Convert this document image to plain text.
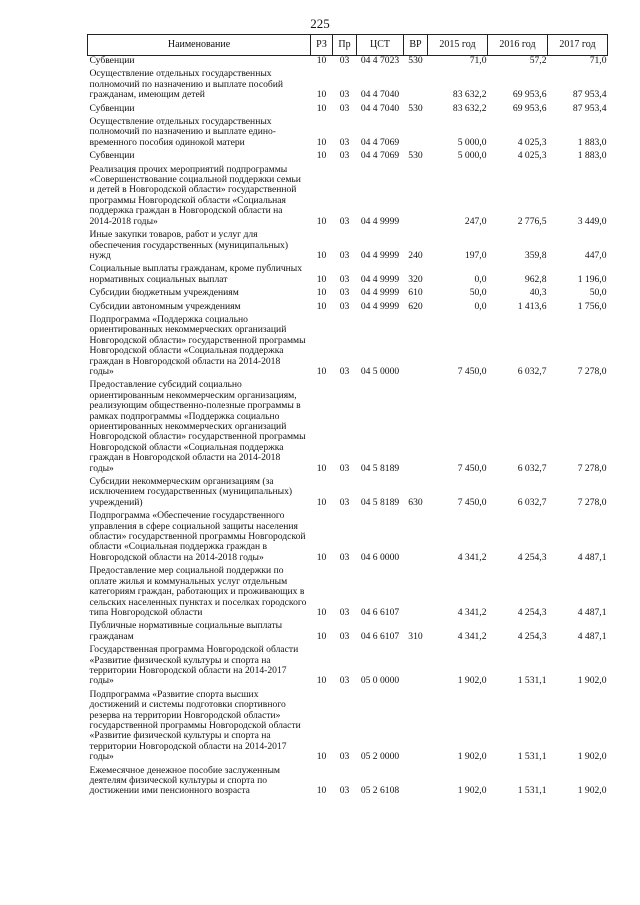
225
Наименование	РЗ	Пр	ЦСТ	ВР	2015 год	2016 год	2017 год
Субвенции	10	03	04 4 7023	530	71,0	57,2	71,0

Осуществление отдельных государственных полномочий по назначению и выплате пособий гражданам, имеющим детей	10	03	04 4 7040		83 632,2	69 953,6	87 953,4

Субвенции	10	03	04 4 7040	530	83 632,2	69 953,6	87 953,4

Осуществление отдельных государственных полномочий по назначению и выплате едино-временного пособия одинокой матери	10	03	04 4 7069		5 000,0	4 025,3	1 883,0

Субвенции	10	03	04 4 7069	530	5 000,0	4 025,3	1 883,0

Реализация прочих мероприятий подпрограммы «Совершенствование социальной поддержки семьи и детей в Новгородской области» государственной программы Новгородской области «Социальная поддержка граждан в Новгородской области на 2014-2018 годы»	10	03	04 4 9999		247,0	2 776,5	3 449,0

Иные закупки товаров, работ и услуг для обеспечения государственных (муниципальных) нужд	10	03	04 4 9999	240	197,0	359,8	447,0

Социальные выплаты гражданам, кроме публичных нормативных социальных выплат	10	03	04 4 9999	320	0,0	962,8	1 196,0

Субсидии бюджетным учреждениям	10	03	04 4 9999	610	50,0	40,3	50,0

Субсидии автономным учреждениям	10	03	04 4 9999	620	0,0	1 413,6	1 756,0

Подпрограмма «Поддержка социально ориентированных некоммерческих организаций Новгородской области» государственной программы Новгородской области «Социальная поддержка граждан в Новгородской области на 2014-2018 годы»	10	03	04 5 0000		7 450,0	6 032,7	7 278,0

Предоставление субсидий социально ориентированным некоммерческим организациям, реализующим общественно-полезные программы в рамках подпрограммы «Поддержка социально ориентированных некоммерческих организаций Новгородской области» государственной программы Новгородской области «Социальная поддержка граждан в Новгородской области на 2014-2018 годы»	10	03	04 5 8189		7 450,0	6 032,7	7 278,0

Субсидии некоммерческим организациям (за исключением государственных (муниципальных) учреждений)	10	03	04 5 8189	630	7 450,0	6 032,7	7 278,0

Подпрограмма «Обеспечение государственного управления в сфере социальной защиты населения области» государственной программы Новгородской области «Социальная поддержка граждан в Новгородской области на 2014-2018 годы»	10	03	04 6 0000		4 341,2	4 254,3	4 487,1

Предоставление мер социальной поддержки по оплате жилья и коммунальных услуг отдельным категориям граждан, работающих и проживающих в сельских населенных пунктах и поселках городского типа Новгородской области	10	03	04 6 6107		4 341,2	4 254,3	4 487,1

Публичные нормативные социальные выплаты гражданам	10	03	04 6 6107	310	4 341,2	4 254,3	4 487,1

Государственная программа Новгородской области «Развитие физической культуры и спорта на территории Новгородской области на 2014-2017 годы»	10	03	05 0 0000		1 902,0	1 531,1	1 902,0

Подпрограмма «Развитие спорта высших достижений и системы подготовки спортивного резерва на территории Новгородской области» государственной программы Новгородской области «Развитие физической культуры и спорта на территории Новгородской области на 2014-2017 годы»	10	03	05 2 0000		1 902,0	1 531,1	1 902,0

Ежемесячное денежное пособие заслуженным деятелям физической культуры и спорта по достижении ими пенсионного возраста	10	03	05 2 6108		1 902,0	1 531,1	1 902,0
